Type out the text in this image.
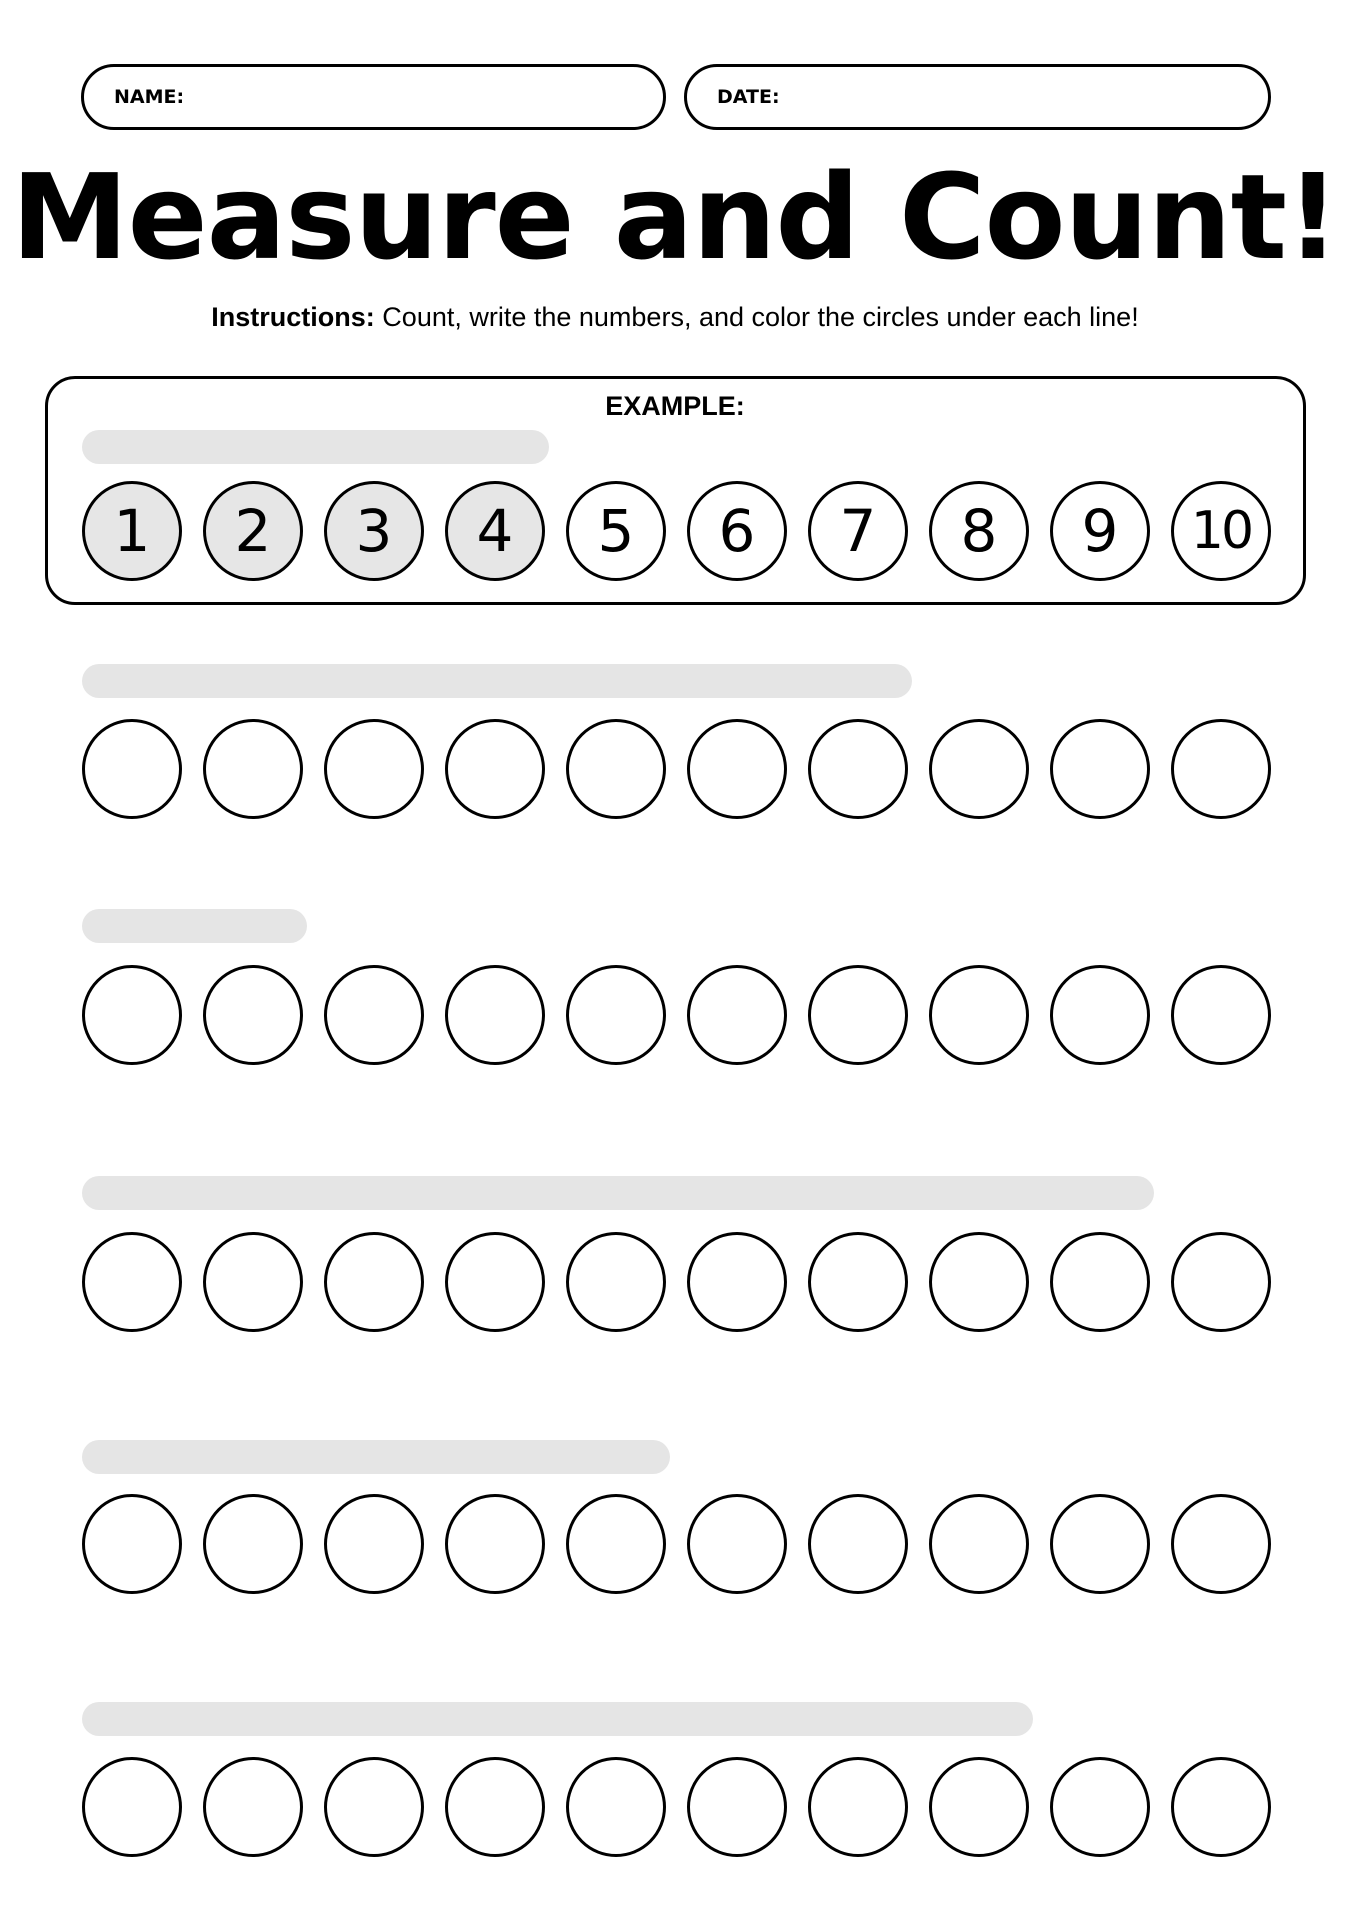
NAME:	DATE:
Measure and Count!
Instructions: Count, write the numbers, and color the circles under each line!
EXAMPLE:
1	2	3	4	5	6	7	8	9	10
